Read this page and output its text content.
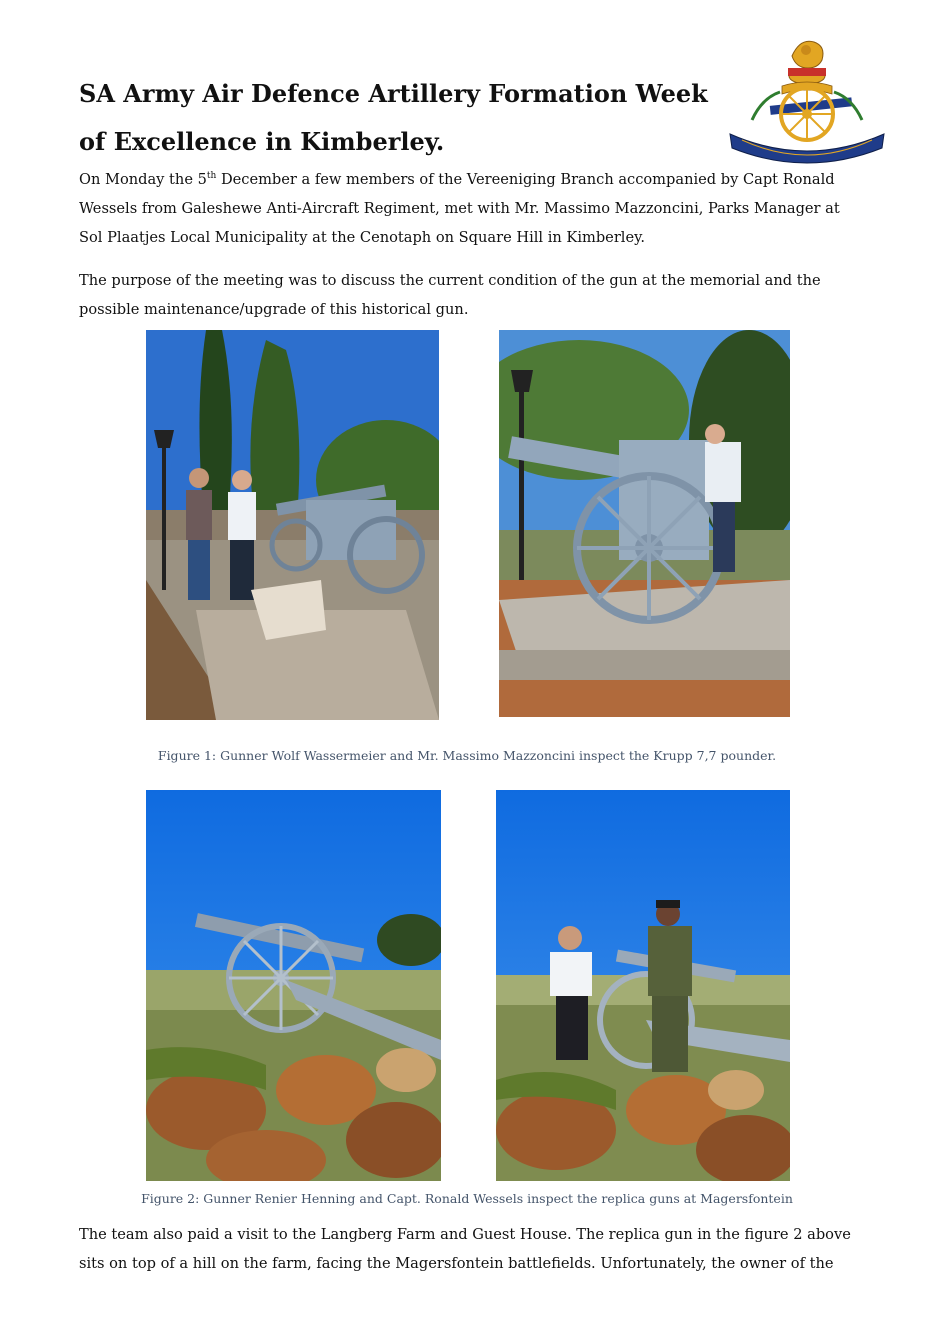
SA Army Air Defence Artillery Formation Week of Excellence in Kimberley.

On Monday the 5th December a few members of the Vereeniging Branch accompanied by Capt Ronald Wessels from Galeshewe Anti-Aircraft Regiment, met with Mr. Massimo Mazzoncini, Parks Manager at Sol Plaatjes Local Municipality at the Cenotaph on Square Hill in Kimberley.

The purpose of the meeting was to discuss the current condition of the gun at the memorial and the possible maintenance/upgrade of this historical gun.

Figure 1: Gunner Wolf Wassermeier and Mr. Massimo Mazzoncini inspect the Krupp 7,7 pounder.

Figure 2: Gunner Renier Henning and Capt. Ronald Wessels inspect the replica guns at Magersfontein

The team also paid a visit to the Langberg Farm and Guest House. The replica gun in the figure 2 above sits on top of a hill on the farm, facing the Magersfontein battlefields. Unfortunately, the owner of the
